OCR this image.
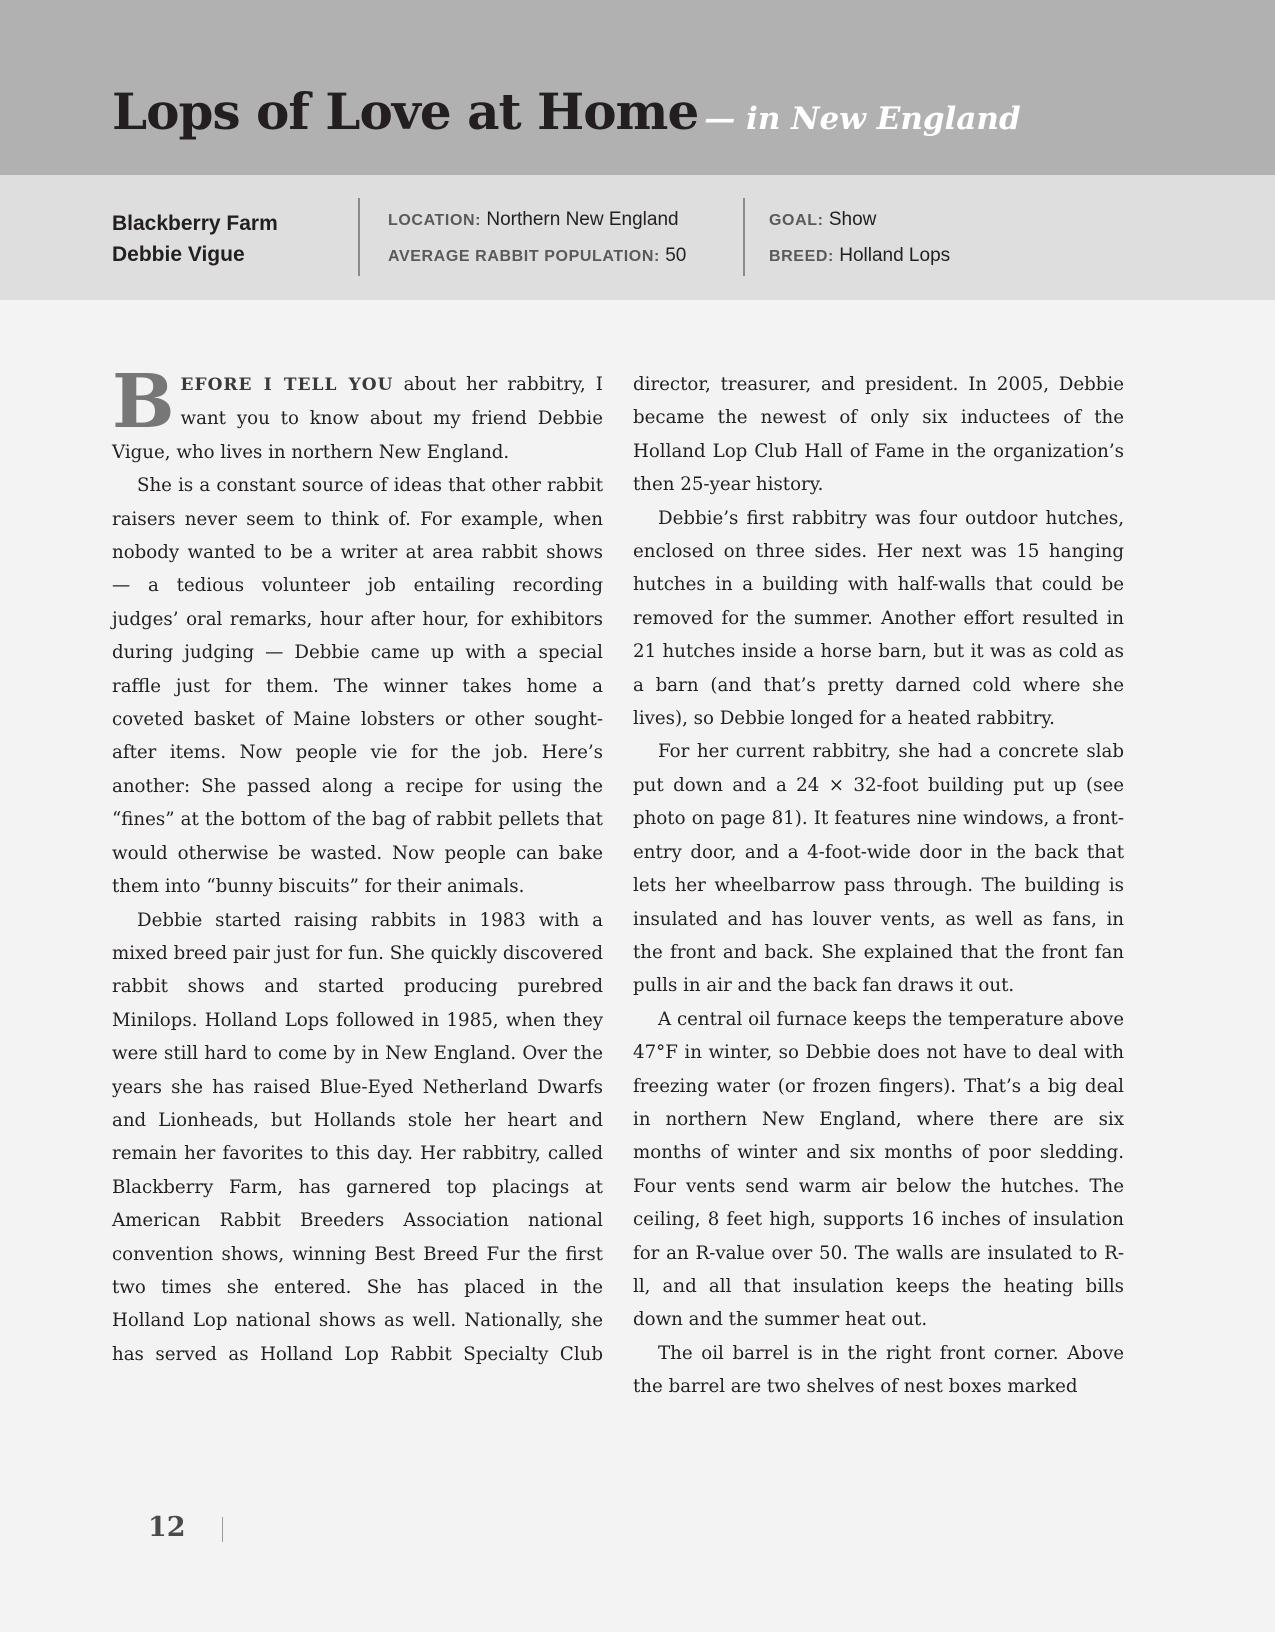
Lops of Love at Home — in New England
Blackberry Farm
Debbie Vigue
LOCATION: Northern New England
AVERAGE RABBIT POPULATION: 50
GOAL: Show
BREED: Holland Lops

BEFORE I TELL YOU about her rabbitry, I want you to know about my friend Debbie Vigue, who lives in northern New England.

She is a constant source of ideas that other rabbit raisers never seem to think of. For example, when nobody wanted to be a writer at area rabbit shows — a tedious volunteer job entailing recording judges’ oral remarks, hour after hour, for exhibitors during judging — Debbie came up with a special raffle just for them. The winner takes home a coveted basket of Maine lobsters or other sought-after items. Now people vie for the job. Here’s another: She passed along a recipe for using the “fines” at the bottom of the bag of rabbit pellets that would otherwise be wasted. Now people can bake them into “bunny biscuits” for their animals.

Debbie started raising rabbits in 1983 with a mixed breed pair just for fun. She quickly discovered rabbit shows and started producing purebred Minilops. Holland Lops followed in 1985, when they were still hard to come by in New England. Over the years she has raised Blue-Eyed Netherland Dwarfs and Lionheads, but Hollands stole her heart and remain her favorites to this day. Her rabbitry, called Blackberry Farm, has garnered top placings at American Rabbit Breeders Association national convention shows, winning Best Breed Fur the first two times she entered. She has placed in the Holland Lop national shows as well. Nationally, she has served as Holland Lop Rabbit Specialty Club director, treasurer, and president. In 2005, Debbie became the newest of only six inductees of the Holland Lop Club Hall of Fame in the organization’s then 25-year history.

Debbie’s first rabbitry was four outdoor hutches, enclosed on three sides. Her next was 15 hanging hutches in a building with half-walls that could be removed for the summer. Another effort resulted in 21 hutches inside a horse barn, but it was as cold as a barn (and that’s pretty darned cold where she lives), so Debbie longed for a heated rabbitry.

For her current rabbitry, she had a concrete slab put down and a 24 × 32-foot building put up (see photo on page 81). It features nine windows, a front-entry door, and a 4-foot-wide door in the back that lets her wheelbarrow pass through. The building is insulated and has louver vents, as well as fans, in the front and back. She explained that the front fan pulls in air and the back fan draws it out.

A central oil furnace keeps the temperature above 47°F in winter, so Debbie does not have to deal with freezing water (or frozen fingers). That’s a big deal in northern New England, where there are six months of winter and six months of poor sledding. Four vents send warm air below the hutches. The ceiling, 8 feet high, supports 16 inches of insulation for an R-value over 50. The walls are insulated to R-ll, and all that insulation keeps the heating bills down and the summer heat out.

The oil barrel is in the right front corner. Above the barrel are two shelves of nest boxes marked

12
